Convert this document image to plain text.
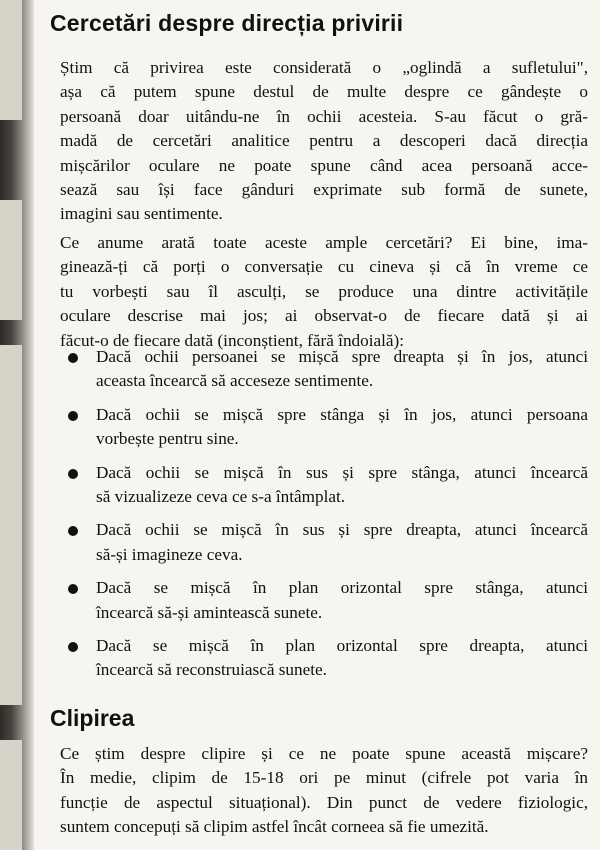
Cercetări despre direcția privirii

Știm că privirea este considerată o „oglindă a sufletului",
așa că putem spune destul de multe despre ce gândește o
persoană doar uitându-ne în ochii acesteia. S-au făcut o gră-
madă de cercetări analitice pentru a descoperi dacă direcția
mișcărilor oculare ne poate spune când acea persoană acce-
sează sau își face gânduri exprimate sub formă de sunete,
imagini sau sentimente.

Ce anume arată toate aceste ample cercetări? Ei bine, ima-
ginează-ți că porți o conversație cu cineva și că în vreme ce
tu vorbești sau îl asculți, se produce una dintre activitățile
oculare descrise mai jos; ai observat-o de fiecare dată și ai
făcut-o de fiecare dată (inconștient, fără îndoială):

Dacă ochii persoanei se mișcă spre dreapta și în jos, atunci
aceasta încearcă să acceseze sentimente.
Dacă ochii se mișcă spre stânga și în jos, atunci persoana
vorbește pentru sine.
Dacă ochii se mișcă în sus și spre stânga, atunci încearcă
să vizualizeze ceva ce s-a întâmplat.
Dacă ochii se mișcă în sus și spre dreapta, atunci încearcă
să-și imagineze ceva.
Dacă se mișcă în plan orizontal spre stânga, atunci
încearcă să-și amintească sunete.
Dacă se mișcă în plan orizontal spre dreapta, atunci
încearcă să reconstruiască sunete.
Clipirea

Ce știm despre clipire și ce ne poate spune această mișcare?
În medie, clipim de 15-18 ori pe minut (cifrele pot varia în
funcție de aspectul situațional). Din punct de vedere fiziologic,
suntem concepuți să clipim astfel încât corneea să fie umezită.
